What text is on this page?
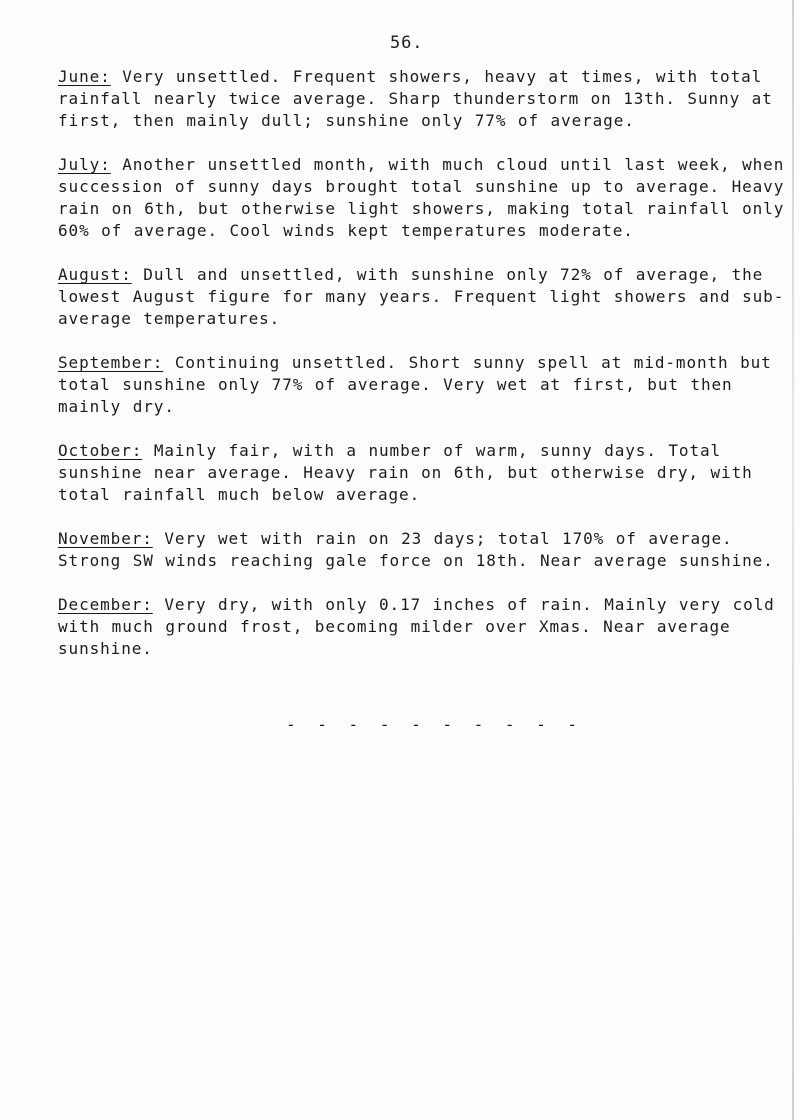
56.

June: Very unsettled. Frequent showers, heavy at times, with total rainfall nearly twice average. Sharp thunderstorm on 13th. Sunny at first, then mainly dull; sunshine only 77% of average.

July: Another unsettled month, with much cloud until last week, when succession of sunny days brought total sunshine up to average. Heavy rain on 6th, but otherwise light showers, making total rainfall only 60% of average. Cool winds kept temperatures moderate.

August: Dull and unsettled, with sunshine only 72% of average, the lowest August figure for many years. Frequent light showers and sub-average temperatures.

September: Continuing unsettled. Short sunny spell at mid-month but total sunshine only 77% of average. Very wet at first, but then mainly dry.

October: Mainly fair, with a number of warm, sunny days. Total sunshine near average. Heavy rain on 6th, but otherwise dry, with total rainfall much below average.

November: Very wet with rain on 23 days; total 170% of average. Strong SW winds reaching gale force on 18th. Near average sunshine.

December: Very dry, with only 0.17 inches of rain. Mainly very cold with much ground frost, becoming milder over Xmas. Near average sunshine.

- - - - - - - - - -
